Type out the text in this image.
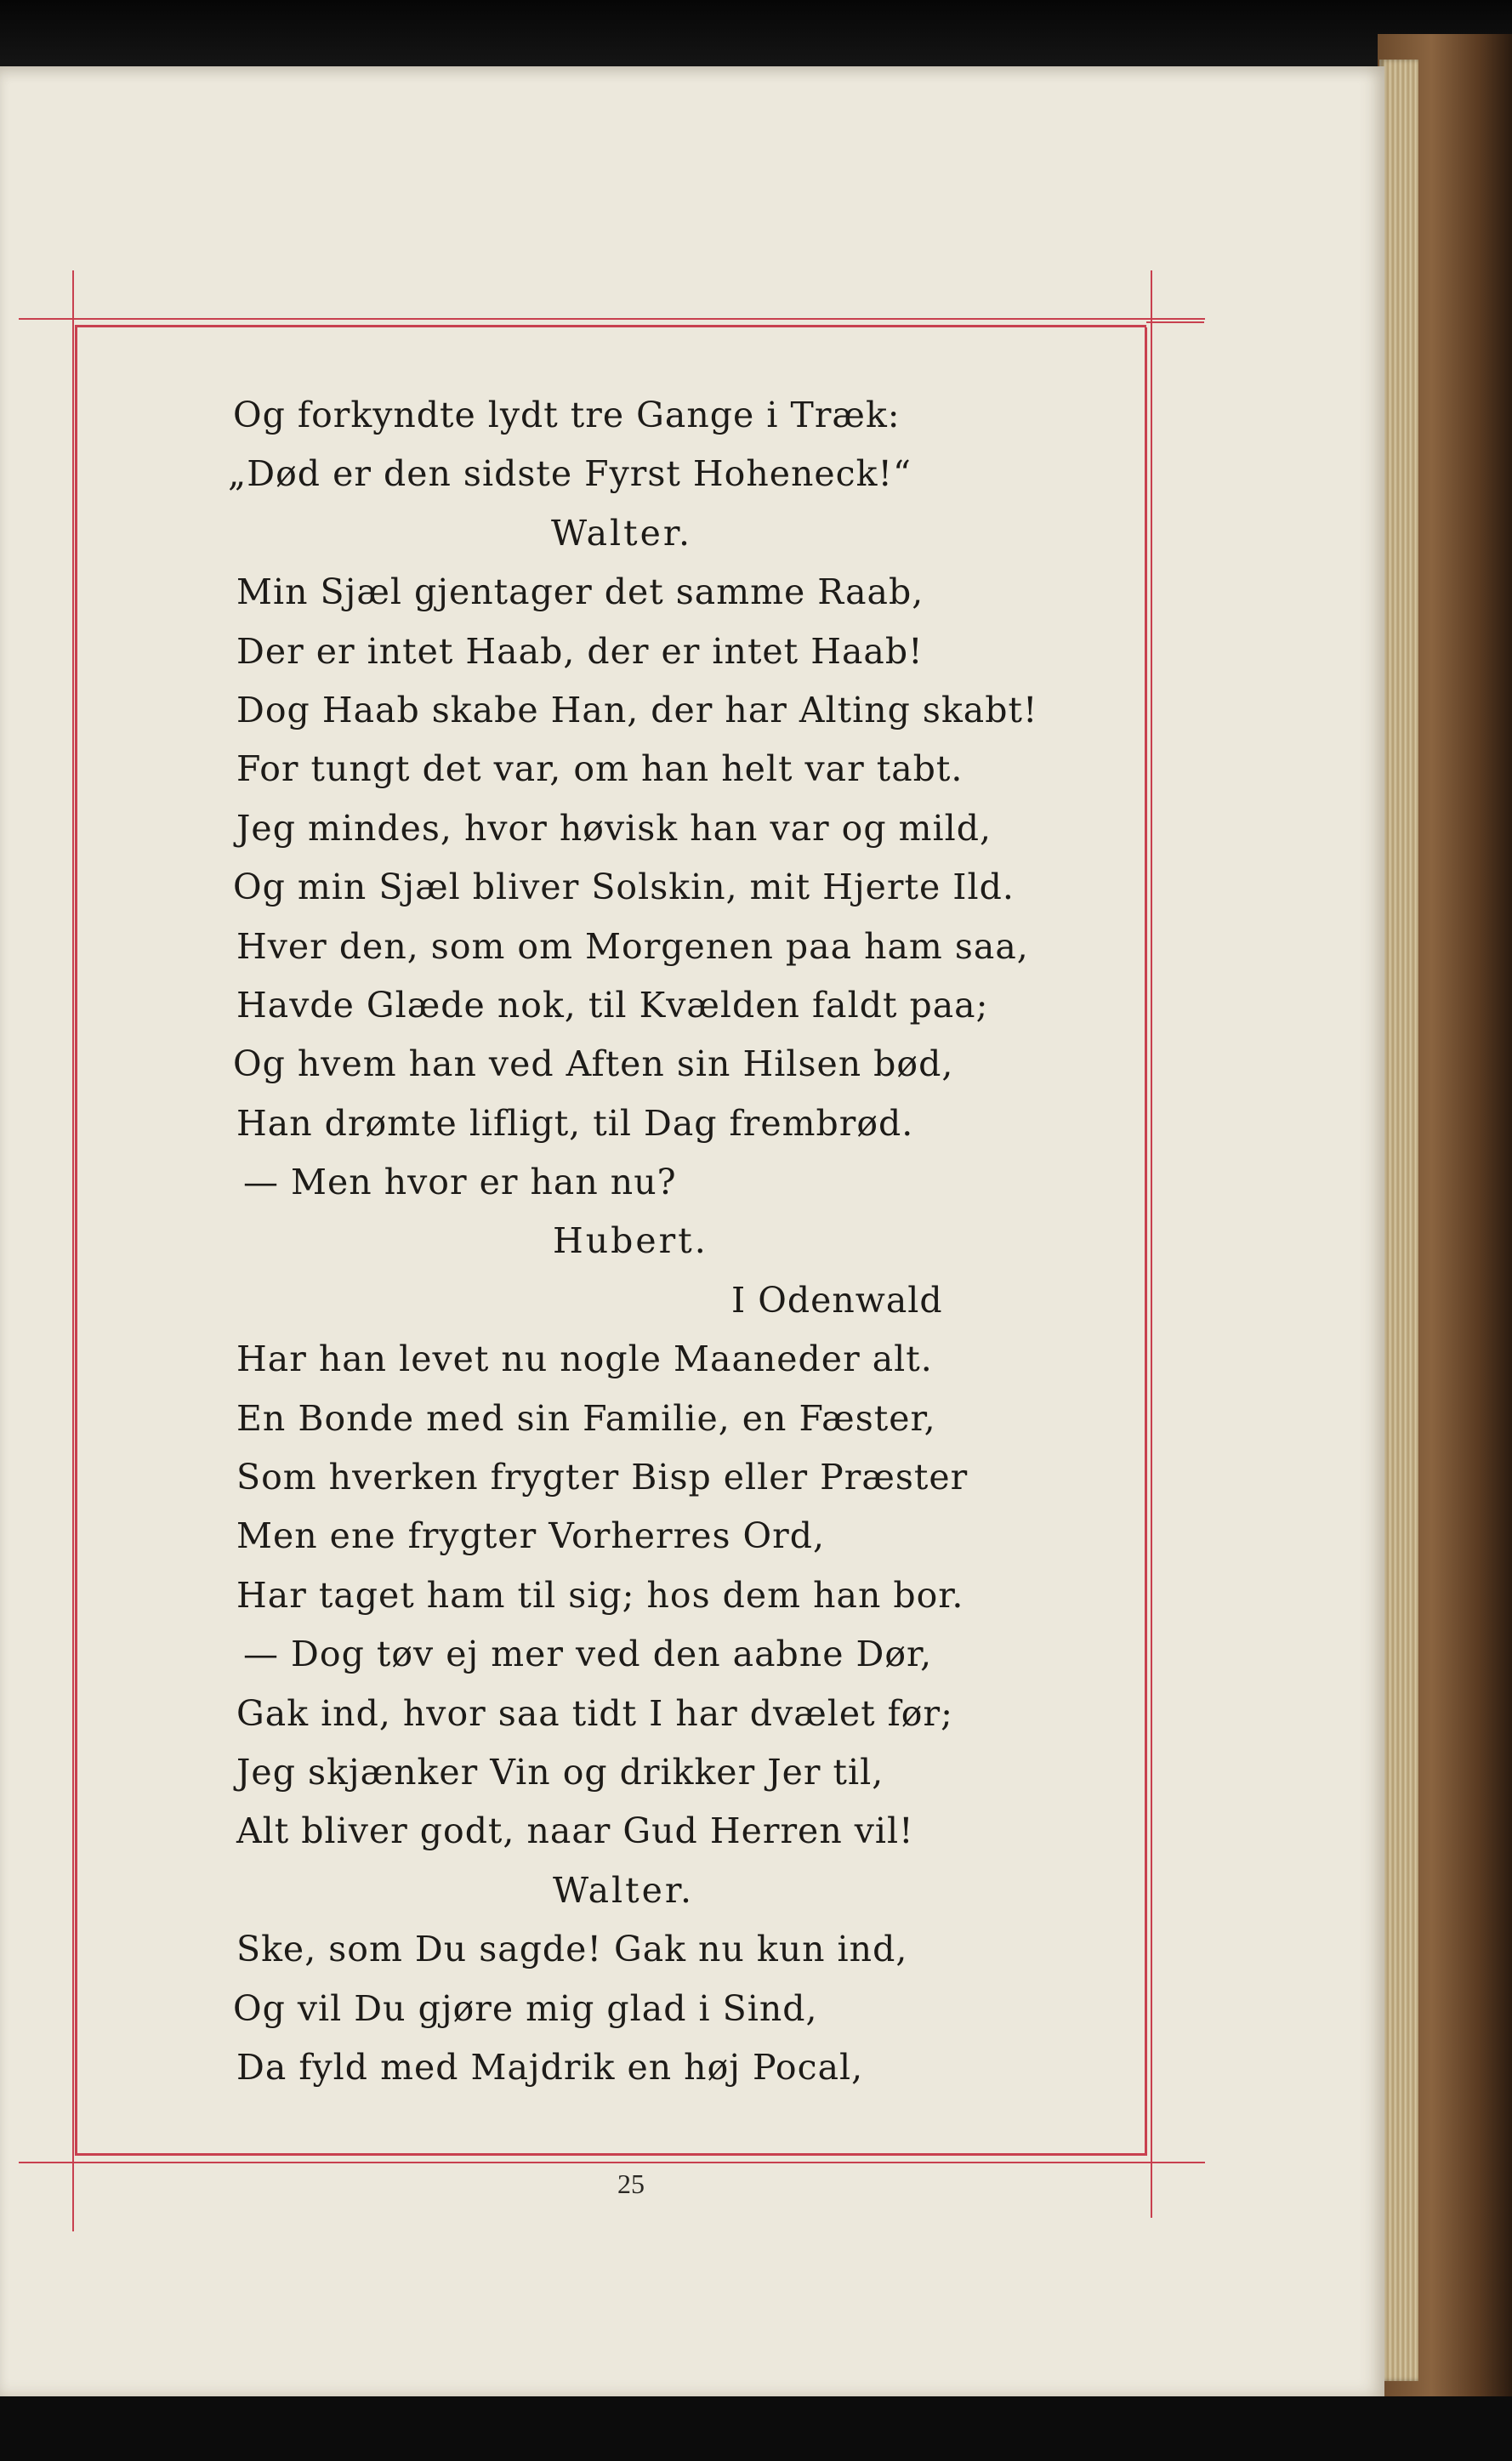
Og forkyndte lydt tre Gange i Træk:
„Død er den sidste Fyrst Hoheneck!“
Walter.
Min Sjæl gjentager det samme Raab,
Der er intet Haab, der er intet Haab!
Dog Haab skabe Han, der har Alting skabt!
For tungt det var, om han helt var tabt.
Jeg mindes, hvor høvisk han var og mild,
Og min Sjæl bliver Solskin, mit Hjerte Ild.
Hver den, som om Morgenen paa ham saa,
Havde Glæde nok, til Kvælden faldt paa;
Og hvem han ved Aften sin Hilsen bød,
Han drømte lifligt, til Dag frembrød.
— Men hvor er han nu?
Hubert.
I Odenwald
Har han levet nu nogle Maaneder alt.
En Bonde med sin Familie, en Fæster,
Som hverken frygter Bisp eller Præster
Men ene frygter Vorherres Ord,
Har taget ham til sig; hos dem han bor.
— Dog tøv ej mer ved den aabne Dør,
Gak ind, hvor saa tidt I har dvælet før;
Jeg skjænker Vin og drikker Jer til,
Alt bliver godt, naar Gud Herren vil!
Walter.
Ske, som Du sagde! Gak nu kun ind,
Og vil Du gjøre mig glad i Sind,
Da fyld med Majdrik en høj Pocal,
25
